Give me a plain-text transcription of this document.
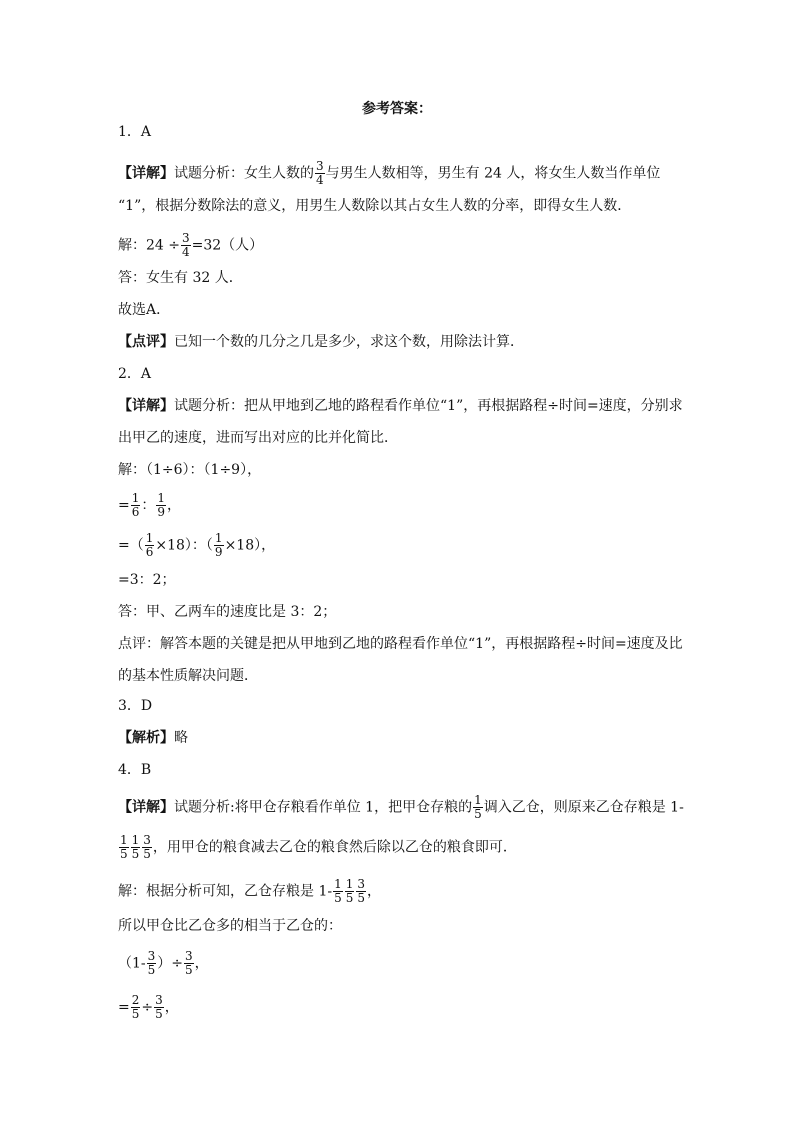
参考答案：
1．A
【详解】试题分析：女生人数的 $\frac{3}{4}$ 与男生人数相等，男生有 24 人，将女生人数当作单位
“1”，根据分数除法的意义，用男生人数除以其占女生人数的分率，即得女生人数．
解：$24 \div \frac{3}{4} =32$（人）
答：女生有 32 人．
故选A．
【点评】已知一个数的几分之几是多少，求这个数，用除法计算．
2．A
【详解】试题分析：把从甲地到乙地的路程看作单位“1”，再根据路程÷时间=速度，分别求
出甲乙的速度，进而写出对应的比并化简比．
解：（1÷6）：（1÷9），
= $\frac{1}{6}$ ： $\frac{1}{9}$ ，
=（ $\frac{1}{6} \times 18$）：（ $\frac{1}{9} \times 18$），
=3：2；
答：甲、乙两车的速度比是 3：2；
点评：解答本题的关键是把从甲地到乙地的路程看作单位“1”，再根据路程÷时间=速度及比
的基本性质解决问题．
3．D
【解析】略
4．B
【详解】试题分析:将甲仓存粮看作单位 1，把甲仓存粮的 $\frac{1}{5}$ 调入乙仓，则原来乙仓存粮是 1-
$\frac{1}{5} \frac{1}{5} \frac{3}{5}$ ，用甲仓的粮食减去乙仓的粮食然后除以乙仓的粮食即可．
解：根据分析可知，乙仓存粮是 $1- \frac{1}{5} \frac{1}{5} \frac{3}{5}$ ，
所以甲仓比乙仓多的相当于乙仓的：
（$1- \frac{3}{5}$ ）÷ $\frac{3}{5}$ ，
= $\frac{2}{5} \div \frac{3}{5}$ ，
